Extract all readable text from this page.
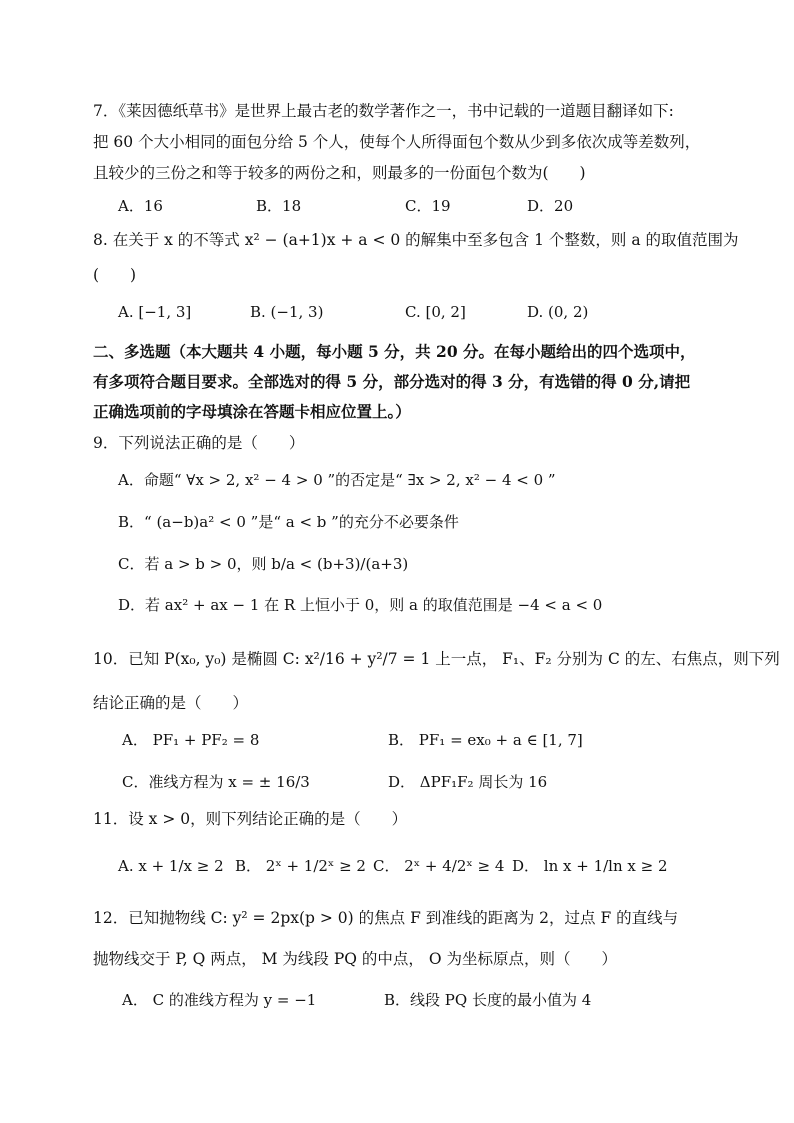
7．《莱因德纸草书》是世界上最古老的数学著作之一，书中记载的一道题目翻译如下:
把 60 个大小相同的面包分给 5 个人，使每个人所得面包个数从少到多依次成等差数列，
且较少的三份之和等于较多的两份之和，则最多的一份面包个数为(　　)
A．16	B．18	C．19	D．20
8. 在关于 x 的不等式 x² − (a+1)x + a < 0 的解集中至多包含 1 个整数，则 a 的取值范围为
(　　)
A. [−1, 3]	B. (−1, 3)	C. [0, 2]	D. (0, 2)
二、多选题（本大题共 4 小题，每小题 5 分，共 20 分。在每小题给出的四个选项中，
有多项符合题目要求。全部选对的得 5 分，部分选对的得 3 分，有选错的得 0 分,请把
正确选项前的字母填涂在答题卡相应位置上。）
9．下列说法正确的是（　　）
A．命题“ ∀x > 2, x² − 4 > 0 ”的否定是“ ∃x > 2, x² − 4 < 0 ”
B．“ (a−b)a² < 0 ”是“ a < b ”的充分不必要条件
C．若 a > b > 0，则 b/a < (b+3)/(a+3)
D．若 ax² + ax − 1 在 R 上恒小于 0，则 a 的取值范围是 −4 < a < 0
10．已知 P(x₀, y₀) 是椭圆 C: x²/16 + y²/7 = 1 上一点， F₁、F₂ 分别为 C 的左、右焦点，则下列
结论正确的是（　　）
A． PF₁ + PF₂ = 8	B． PF₁ = ex₀ + a ∈ [1, 7]
C．准线方程为 x = ± 16/3	D． ΔPF₁F₂ 周长为 16
11．设 x > 0，则下列结论正确的是（　　）
A. x + 1/x ≥ 2 B． 2ˣ + 1/2ˣ ≥ 2 C． 2ˣ + 4/2ˣ ≥ 4 D． ln x + 1/ln x ≥ 2
12．已知抛物线 C: y² = 2px(p > 0) 的焦点 F 到准线的距离为 2，过点 F 的直线与
抛物线交于 P, Q 两点， M 为线段 PQ 的中点， O 为坐标原点，则（　　）
A． C 的准线方程为 y = −1	B．线段 PQ 长度的最小值为 4
